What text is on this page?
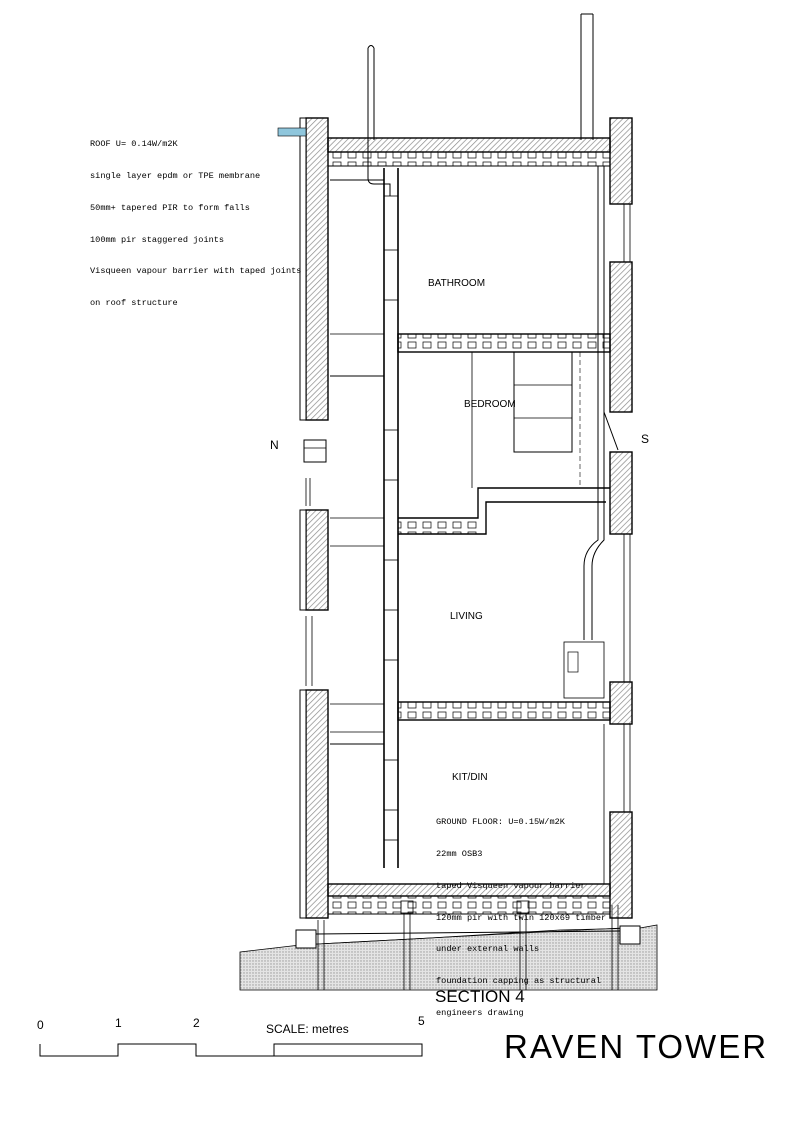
ROOF U= 0.14W/m2K

single layer epdm or TPE membrane

50mm+ tapered PIR to form falls

100mm pir staggered joints

Visqueen vapour barrier with taped joints

on roof structure

GROUND FLOOR: U=0.15W/m2K

22mm OSB3

taped Visqueen vapour barrier

120mm pir with twin 120x69 timber

under external walls

foundation capping as structural

engineers drawing

BATHROOM
BEDROOM
LIVING
KIT/DIN
N	S
SECTION 4
0	1	2	5
SCALE: metres	RAVEN TOWER
